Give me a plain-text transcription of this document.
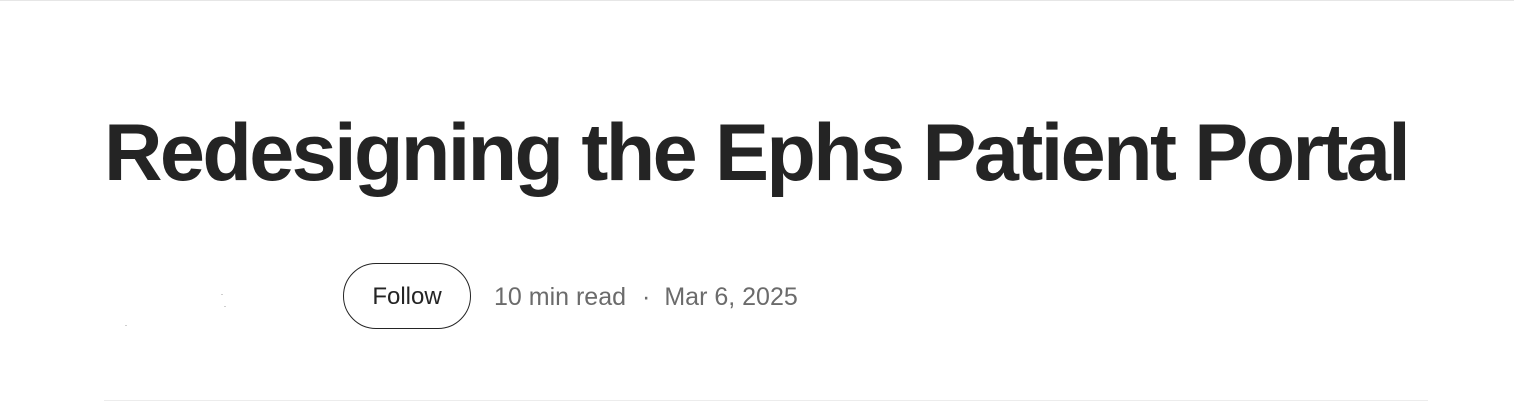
Redesigning the Ephs Patient Portal
Follow	10 min read · Mar 6, 2025
